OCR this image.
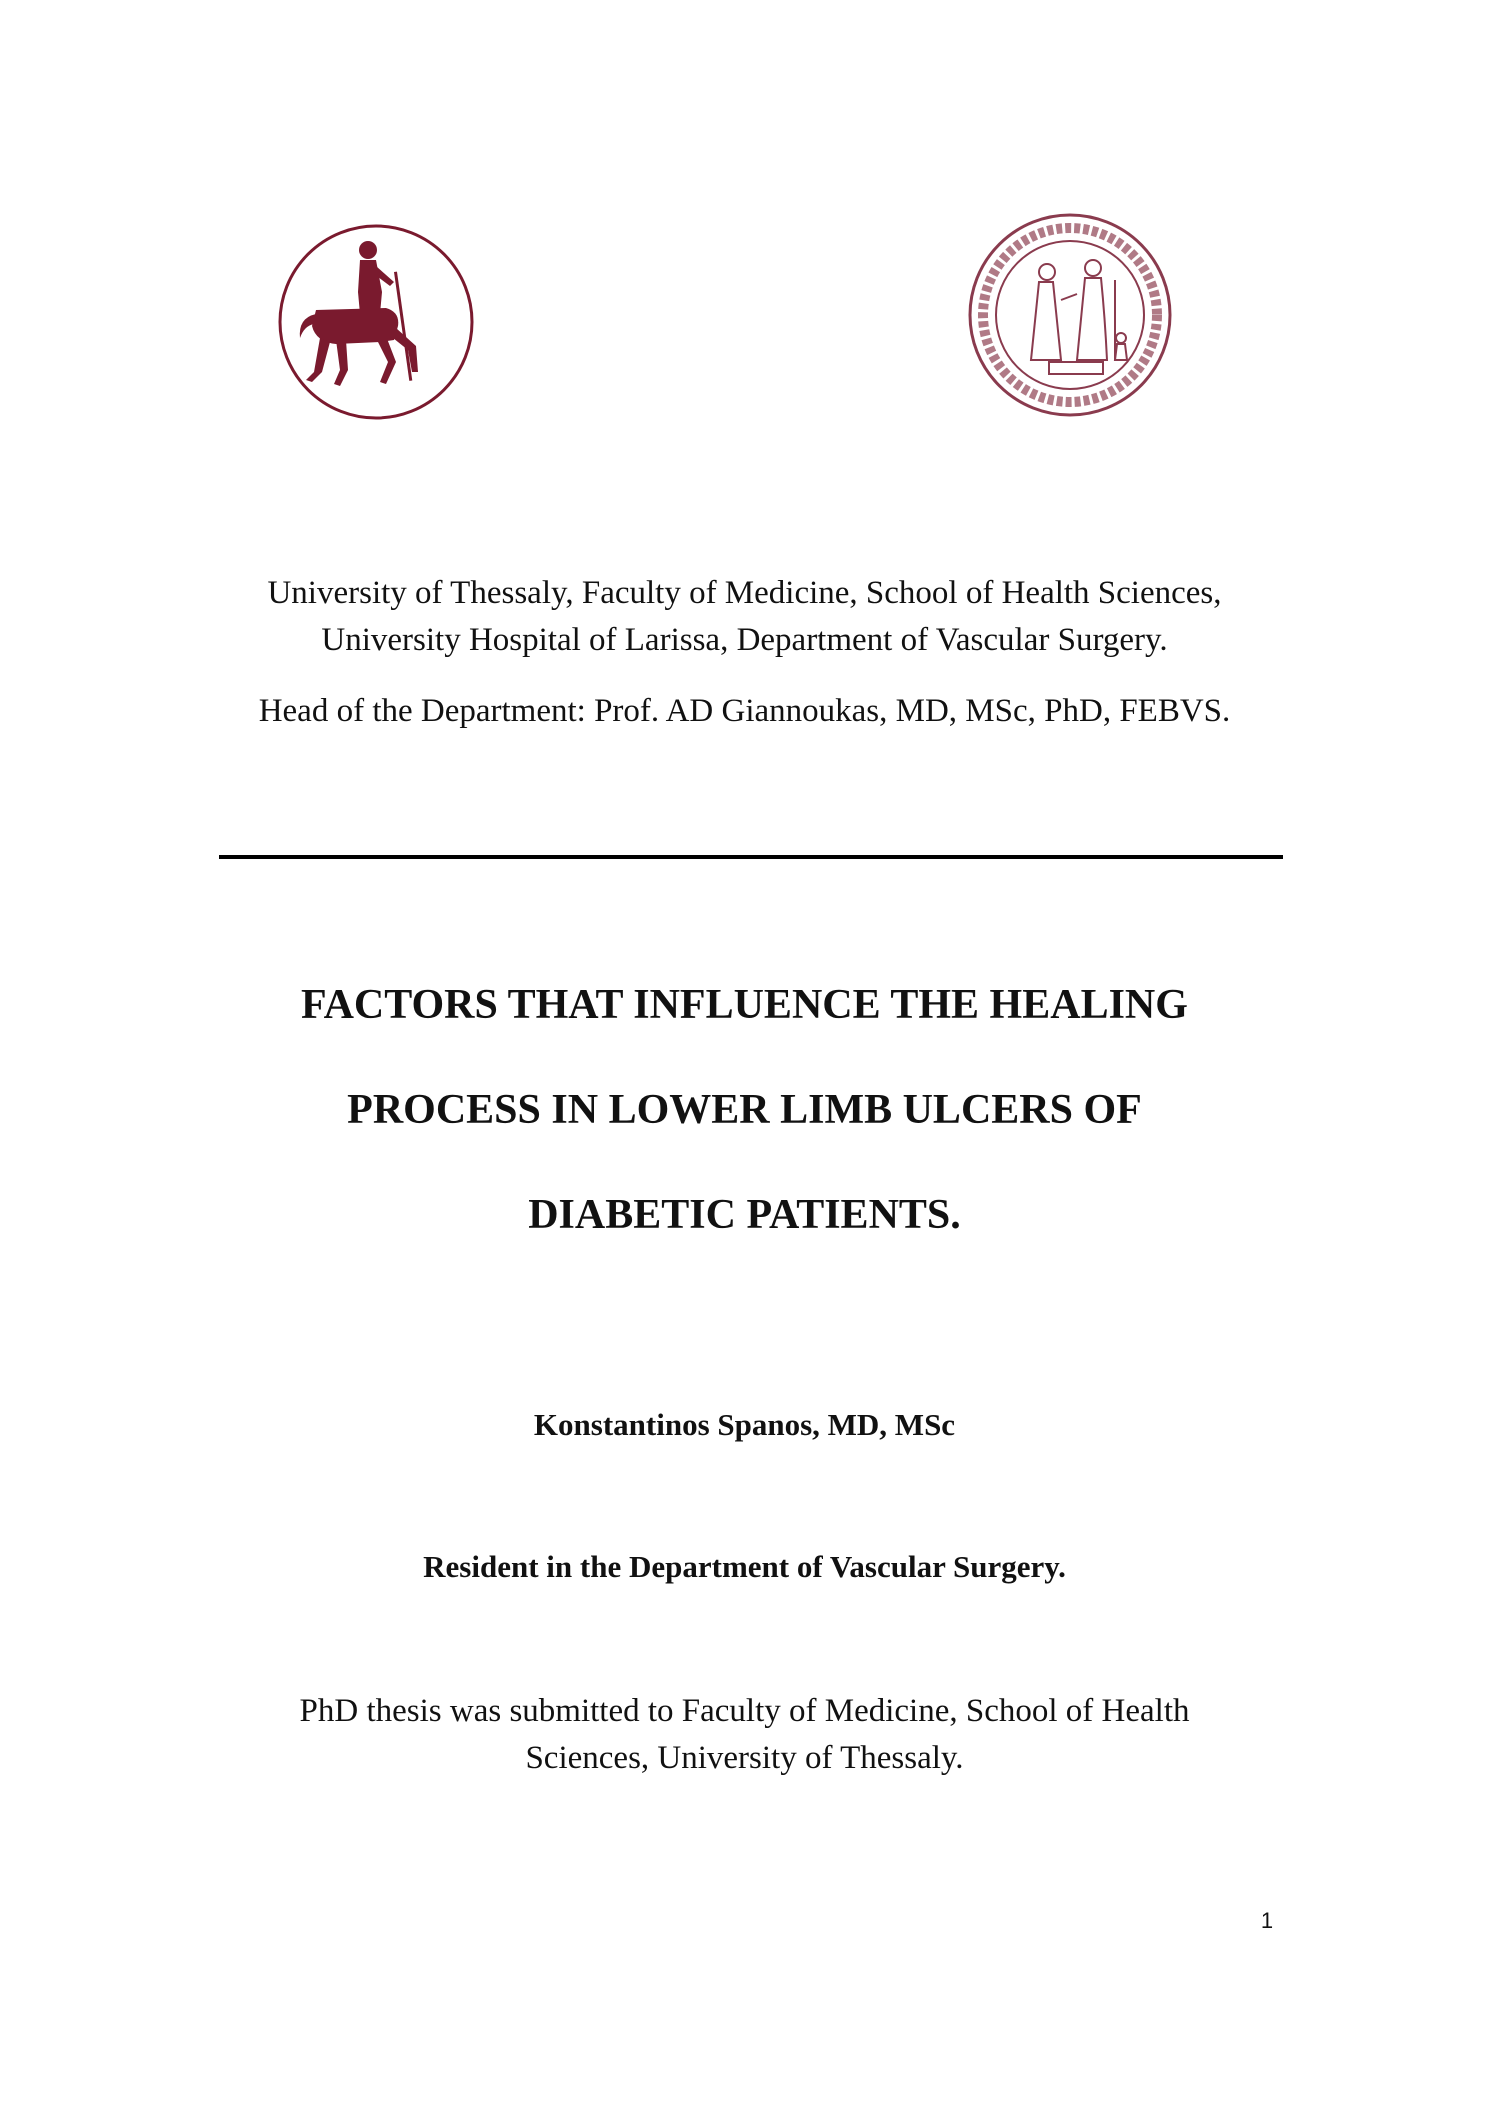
University of Thessaly, Faculty of Medicine, School of Health Sciences,
University Hospital of Larissa, Department of Vascular Surgery.
Head of the Department: Prof. AD Giannoukas, MD, MSc, PhD, FEBVS.
FACTORS THAT INFLUENCE THE HEALING
PROCESS IN LOWER LIMB ULCERS OF
DIABETIC PATIENTS.
Konstantinos Spanos, MD, MSc
Resident in the Department of Vascular Surgery.
PhD thesis was submitted to Faculty of Medicine, School of Health
Sciences, University of Thessaly.
1
